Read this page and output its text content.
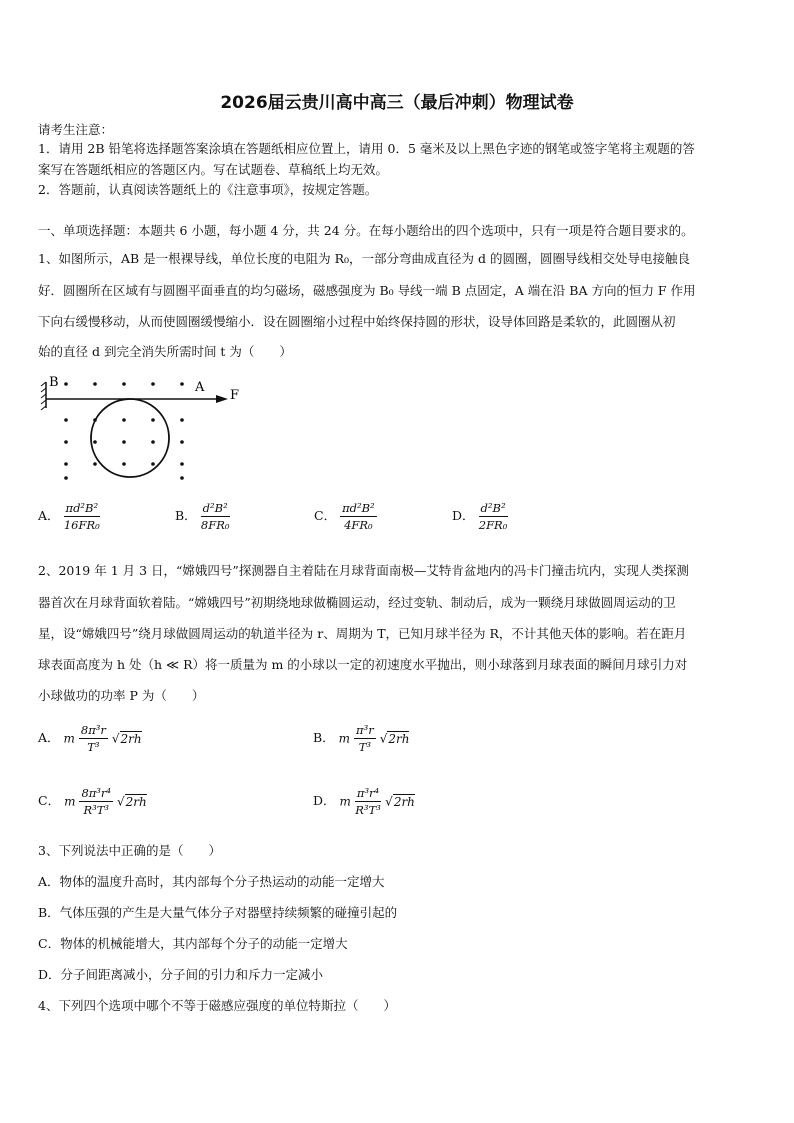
2026届云贵川高中高三（最后冲刺）物理试卷
请考生注意：
1．请用 2B 铅笔将选择题答案涂填在答题纸相应位置上，请用 0．5 毫米及以上黑色字迹的钢笔或签字笔将主观题的答
案写在答题纸相应的答题区内。写在试题卷、草稿纸上均无效。
2．答题前，认真阅读答题纸上的《注意事项》，按规定答题。
一、单项选择题：本题共 6 小题，每小题 4 分，共 24 分。在每小题给出的四个选项中，只有一项是符合题目要求的。
1、如图所示，AB 是一根裸导线，单位长度的电阻为 R₀，一部分弯曲成直径为 d 的圆圈，圆圈导线相交处导电接触良
好．圆圈所在区域有与圆圈平面垂直的均匀磁场，磁感强度为 B₀ 导线一端 B 点固定，A 端在沿 BA 方向的恒力 F 作用
下向右缓慢移动，从而使圆圈缓慢缩小．设在圆圈缩小过程中始终保持圆的形状，设导体回路是柔软的，此圆圈从初
始的直径 d 到完全消失所需时间 t 为（　　）
B	A
F
A． $\frac{\text{πd²B²}}{\text{16FR₀}}$	B． $\frac{\text{d²B²}}{\text{8FR₀}}$	C． $\frac{\text{πd²B²}}{\text{4FR₀}}$	D． $\frac{\text{d²B²}}{\text{2FR₀}}$
2、2019 年 1 月 3 日，“嫦娥四号”探测器自主着陆在月球背面南极—艾特肯盆地内的冯卡门撞击坑内，实现人类探测
器首次在月球背面软着陆。“嫦娥四号”初期绕地球做椭圆运动，经过变轨、制动后，成为一颗绕月球做圆周运动的卫
星，设“嫦娥四号”绕月球做圆周运动的轨道半径为 r、周期为 T，已知月球半径为 R，不计其他天体的影响。若在距月
球表面高度为 h 处（h ≪ R）将一质量为 m 的小球以一定的初速度水平抛出，则小球落到月球表面的瞬间月球引力对
小球做功的功率 P 为（　　）
A． m $\frac{\text{8π³r}}{\text{T³}} √2rh$	B． m $\frac{\text{π³r}}{\text{T³}} √2rh$
C． m $\frac{\text{8π³r⁴}}{\text{R³T³}} √2rh$	D． m $\frac{\text{π³r⁴}}{\text{R³T³}} √2rh$
3、下列说法中正确的是（　　）
A．物体的温度升高时，其内部每个分子热运动的动能一定增大
B．气体压强的产生是大量气体分子对器壁持续频繁的碰撞引起的
C．物体的机械能增大，其内部每个分子的动能一定增大
D．分子间距离减小，分子间的引力和斥力一定减小
4、下列四个选项中哪个不等于磁感应强度的单位特斯拉（　　）
